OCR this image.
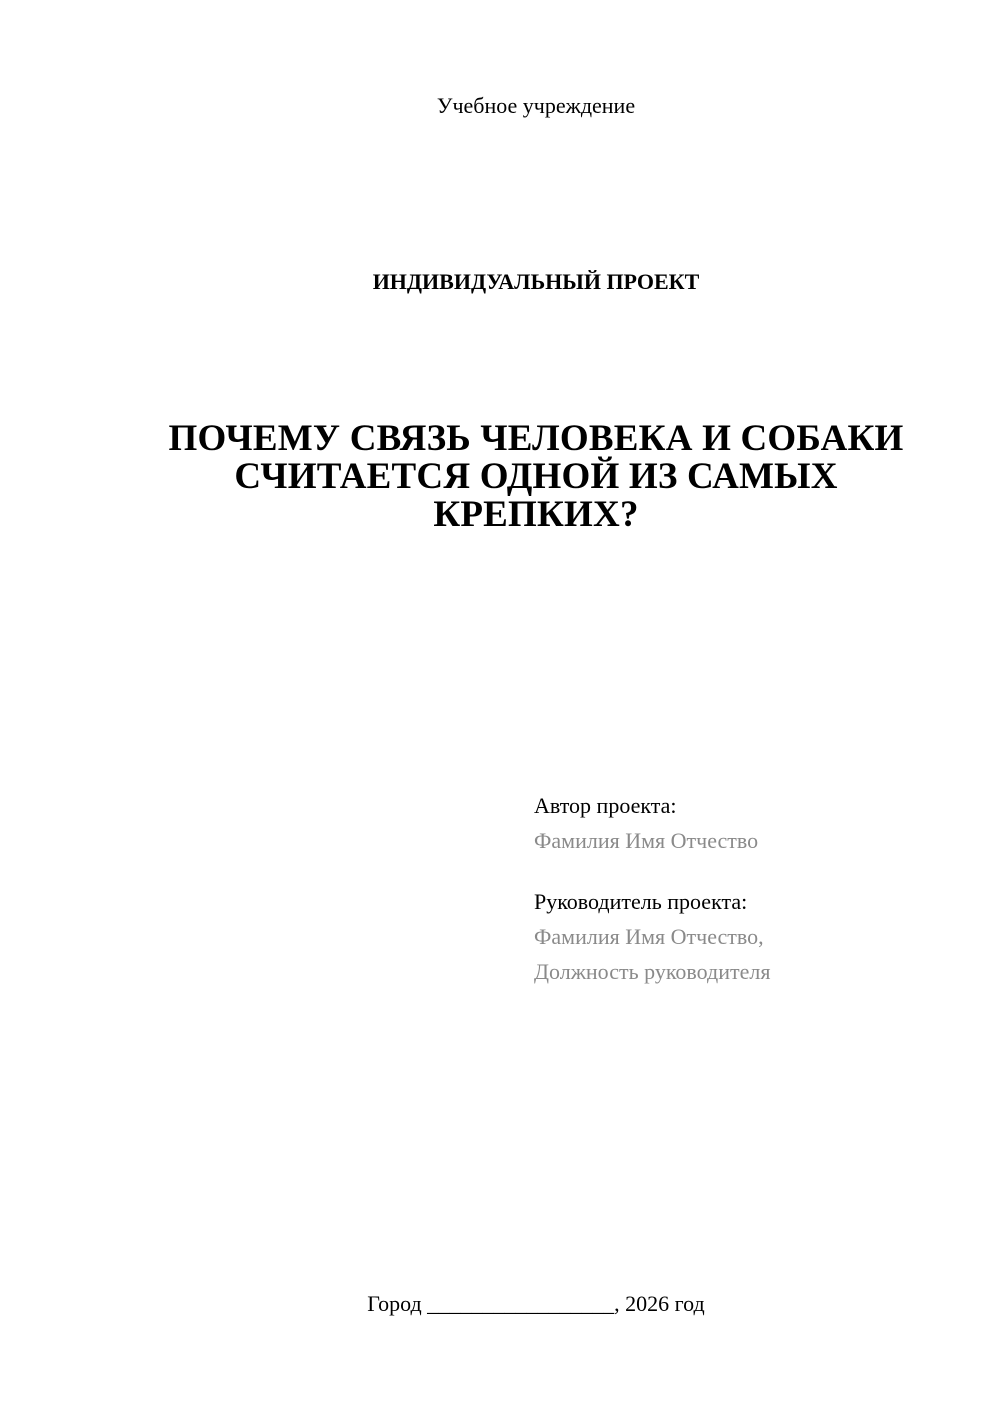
Учебное учреждение
ИНДИВИДУАЛЬНЫЙ ПРОЕКТ
ПОЧЕМУ СВЯЗЬ ЧЕЛОВЕКА И СОБАКИ
СЧИТАЕТСЯ ОДНОЙ ИЗ САМЫХ
КРЕПКИХ?
Автор проекта:
Фамилия Имя Отчество
Руководитель проекта:
Фамилия Имя Отчество,
Должность руководителя
Город _________________, 2026 год
